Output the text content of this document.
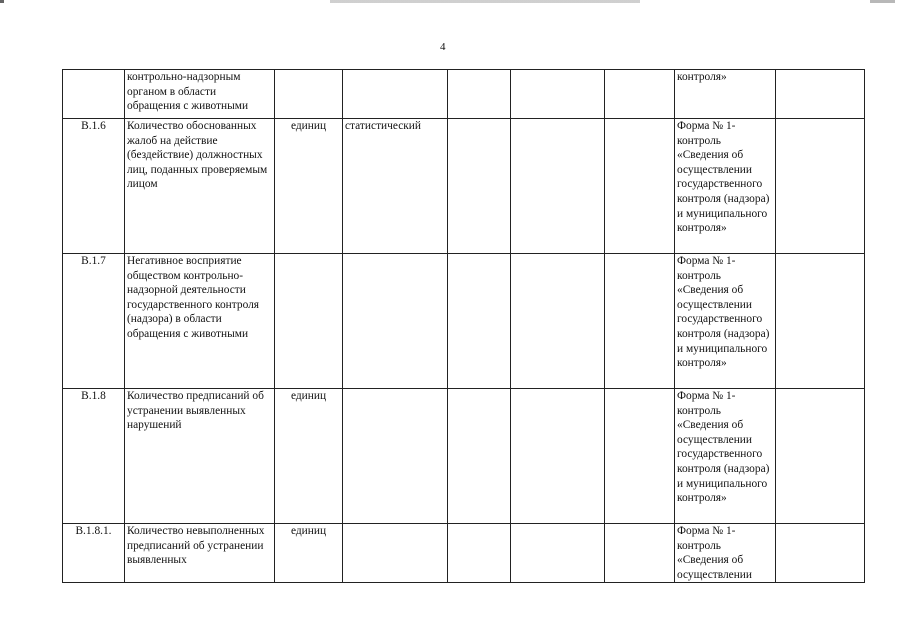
4
	контрольно-надзорным органом в области обращения с животными						контроля»	
В.1.6	Количество обоснованных жалоб на действие (бездействие) должностных лиц, поданных проверяемым лицом	единиц	статистический				Форма № 1-контроль «Сведения об осуществлении государственного контроля (надзора) и муниципального контроля»	
В.1.7	Негативное восприятие обществом контрольно-надзорной деятельности государственного контроля (надзора) в области обращения с животными						Форма № 1-контроль «Сведения об осуществлении государственного контроля (надзора) и муниципального контроля»	
В.1.8	Количество предписаний об устранении выявленных нарушений	единиц					Форма № 1-контроль «Сведения об осуществлении государственного контроля (надзора) и муниципального контроля»	
В.1.8.1.	Количество невыполненных предписаний об устранении выявленных	единиц					Форма № 1-контроль «Сведения об осуществлении	
